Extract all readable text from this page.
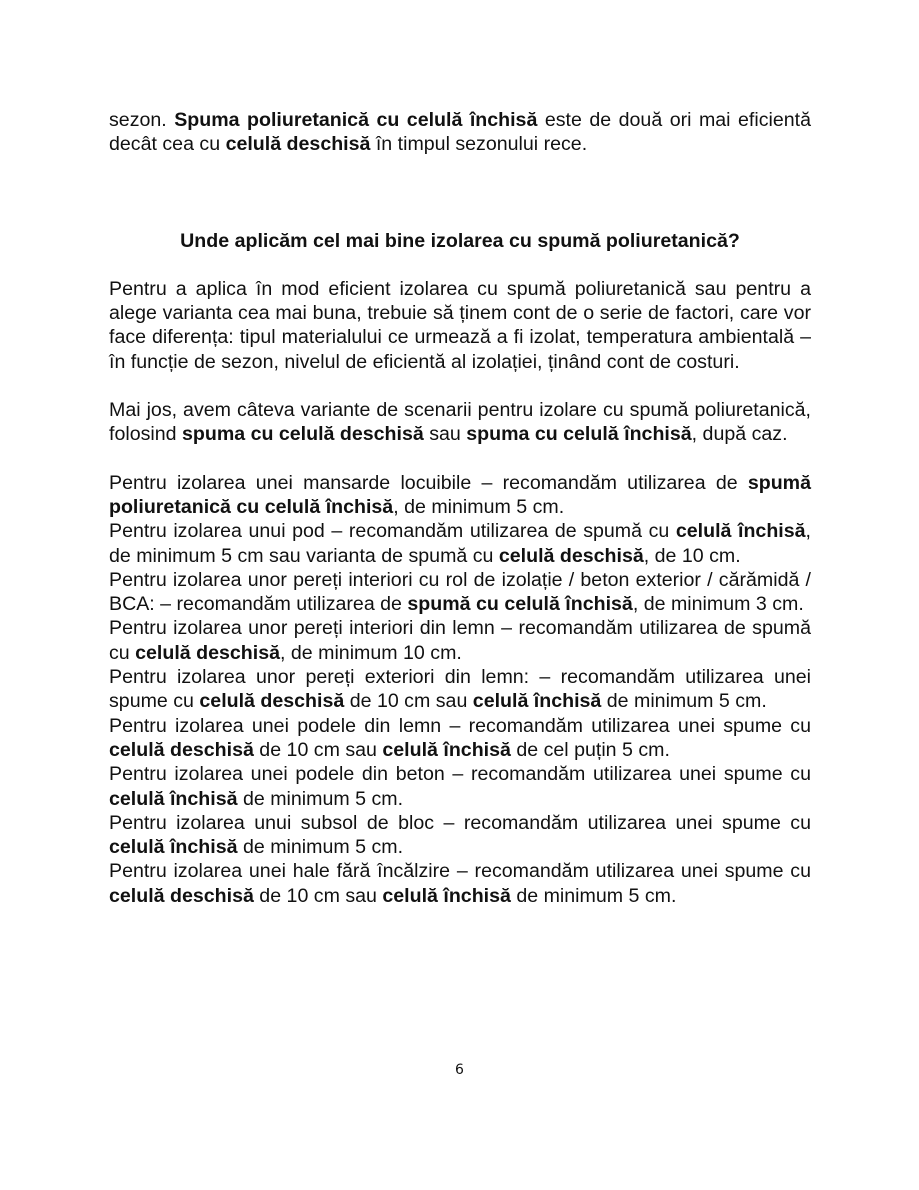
sezon. Spuma poliuretanică cu celulă închisă este de două ori mai eficientă decât cea cu celulă deschisă în timpul sezonului rece.

Unde aplicăm cel mai bine izolarea cu spumă poliuretanică?

Pentru a aplica în mod eficient izolarea cu spumă poliuretanică sau pentru a alege varianta cea mai buna, trebuie să ținem cont de o serie de factori, care vor face diferența: tipul materialului ce urmează a fi izolat, temperatura ambientală – în funcție de sezon, nivelul de eficientă al izolației, ținând cont de costuri.

Mai jos, avem câteva variante de scenarii pentru izolare cu spumă poliuretanică, folosind spuma cu celulă deschisă sau spuma cu celulă închisă, după caz.

Pentru izolarea unei mansarde locuibile – recomandăm utilizarea de spumă poliuretanică cu celulă închisă, de minimum 5 cm.

Pentru izolarea unui pod – recomandăm utilizarea de spumă cu celulă închisă, de minimum 5 cm sau varianta de spumă cu celulă deschisă, de 10 cm.

Pentru izolarea unor pereți interiori cu rol de izolație / beton exterior / cărămidă / BCA: – recomandăm utilizarea de spumă cu celulă închisă, de minimum 3 cm.

Pentru izolarea unor pereți interiori din lemn – recomandăm utilizarea de spumă cu celulă deschisă, de minimum 10 cm.

Pentru izolarea unor pereți exteriori din lemn: – recomandăm utilizarea unei spume cu celulă deschisă de 10 cm sau celulă închisă de minimum 5 cm.

Pentru izolarea unei podele din lemn – recomandăm utilizarea unei spume cu celulă deschisă de 10 cm sau celulă închisă de cel puțin 5 cm.

Pentru izolarea unei podele din beton – recomandăm utilizarea unei spume cu celulă închisă de minimum 5 cm.

Pentru izolarea unui subsol de bloc – recomandăm utilizarea unei spume cu celulă închisă de minimum 5 cm.

Pentru izolarea unei hale fără încălzire – recomandăm utilizarea unei spume cu celulă deschisă de 10 cm sau celulă închisă de minimum 5 cm.

6
